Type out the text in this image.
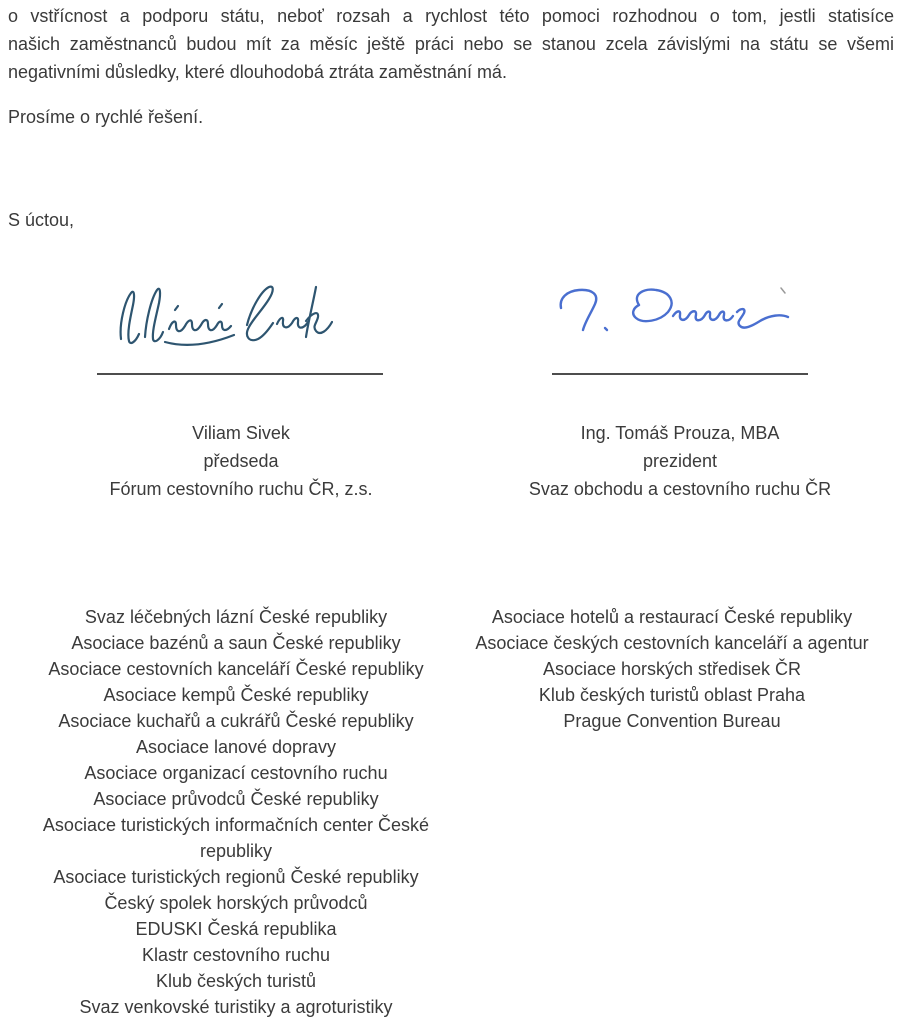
o vstřícnost a podporu státu, neboť rozsah a rychlost této pomoci rozhodnou o tom, jestli statisíce
našich zaměstnanců budou mít za měsíc ještě práci nebo se stanou zcela závislými na státu se všemi
negativními důsledky, které dlouhodobá ztráta zaměstnání má.
Prosíme o rychlé řešení.
S úctou,
Viliam Sivek
předseda
Fórum cestovního ruchu ČR, z.s.
Ing. Tomáš Prouza, MBA
prezident
Svaz obchodu a cestovního ruchu ČR
Svaz léčebných lázní České republiky
Asociace bazénů a saun České republiky
Asociace cestovních kanceláří České republiky
Asociace kempů České republiky
Asociace kuchařů a cukrářů České republiky
Asociace lanové dopravy
Asociace organizací cestovního ruchu
Asociace průvodců České republiky
Asociace turistických informačních center České republiky
Asociace turistických regionů České republiky
Český spolek horských průvodců
EDUSKI Česká republika
Klastr cestovního ruchu
Klub českých turistů
Svaz venkovské turistiky a agroturistiky
Asociace hotelů a restaurací České republiky
Asociace českých cestovních kanceláří a agentur
Asociace horských středisek ČR
Klub českých turistů oblast Praha
Prague Convention Bureau
